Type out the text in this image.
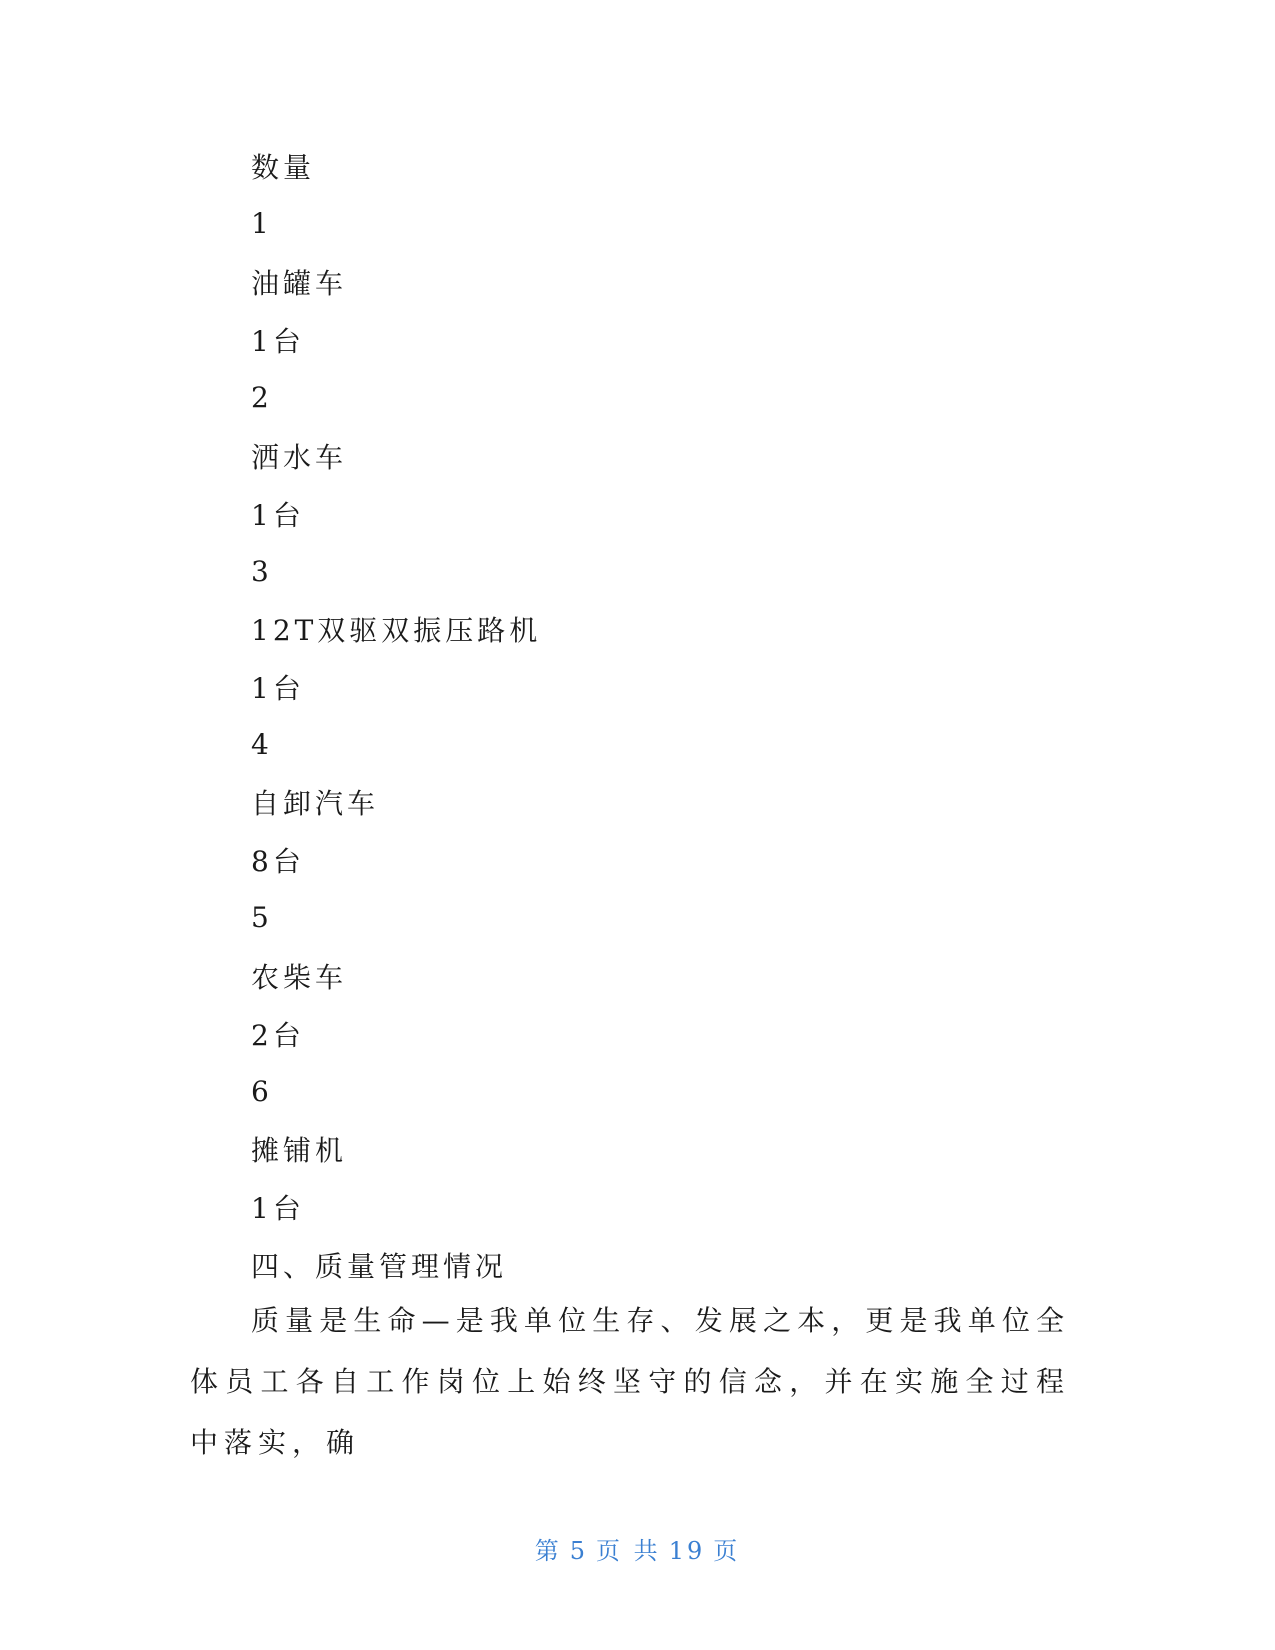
数量
1
油罐车
1台
2
洒水车
1台
3
12T双驱双振压路机
1台
4
自卸汽车
8台
5
农柴车
2台
6
摊铺机
1台
四、质量管理情况
质量是生命—是我单位生存、发展之本，更是我单位全体员工各自工作岗位上始终坚守的信念，并在实施全过程中落实，确
第 5 页 共 19 页
